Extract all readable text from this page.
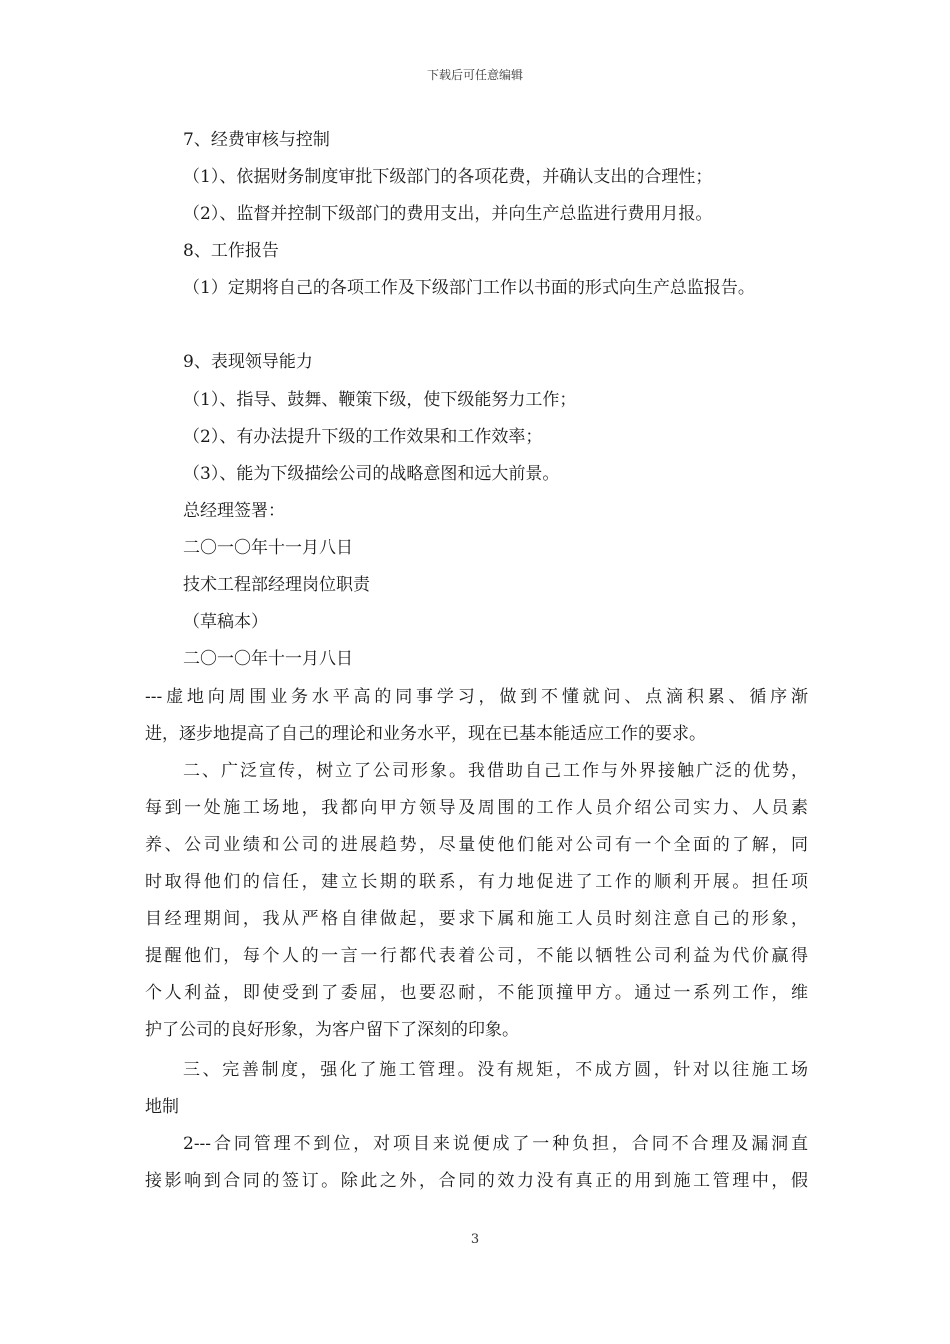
下载后可任意编辑
7、经费审核与控制
（1）、依据财务制度审批下级部门的各项花费，并确认支出的合理性；
（2）、监督并控制下级部门的费用支出，并向生产总监进行费用月报。
8、工作报告
（1）定期将自己的各项工作及下级部门工作以书面的形式向生产总监报告。
9、表现领导能力
（1）、指导、鼓舞、鞭策下级，使下级能努力工作；
（2）、有办法提升下级的工作效果和工作效率；
（3）、能为下级描绘公司的战略意图和远大前景。
总经理签署：
二〇一〇年十一月八日
技术工程部经理岗位职责
（草稿本）
二〇一〇年十一月八日
---虚地向周围业务水平高的同事学习，做到不懂就问、点滴积累、循序渐
进，逐步地提高了自己的理论和业务水平，现在已基本能适应工作的要求。
二、广泛宣传，树立了公司形象。我借助自己工作与外界接触广泛的优势，
每到一处施工场地，我都向甲方领导及周围的工作人员介绍公司实力、人员素
养、公司业绩和公司的进展趋势，尽量使他们能对公司有一个全面的了解，同
时取得他们的信任，建立长期的联系，有力地促进了工作的顺利开展。担任项
目经理期间，我从严格自律做起，要求下属和施工人员时刻注意自己的形象，
提醒他们，每个人的一言一行都代表着公司，不能以牺牲公司利益为代价赢得
个人利益，即使受到了委屈，也要忍耐，不能顶撞甲方。通过一系列工作，维
护了公司的良好形象，为客户留下了深刻的印象。
三、完善制度，强化了施工管理。没有规矩，不成方圆，针对以往施工场
地制
2---合同管理不到位，对项目来说便成了一种负担，合同不合理及漏洞直
接影响到合同的签订。除此之外，合同的效力没有真正的用到施工管理中，假
3
